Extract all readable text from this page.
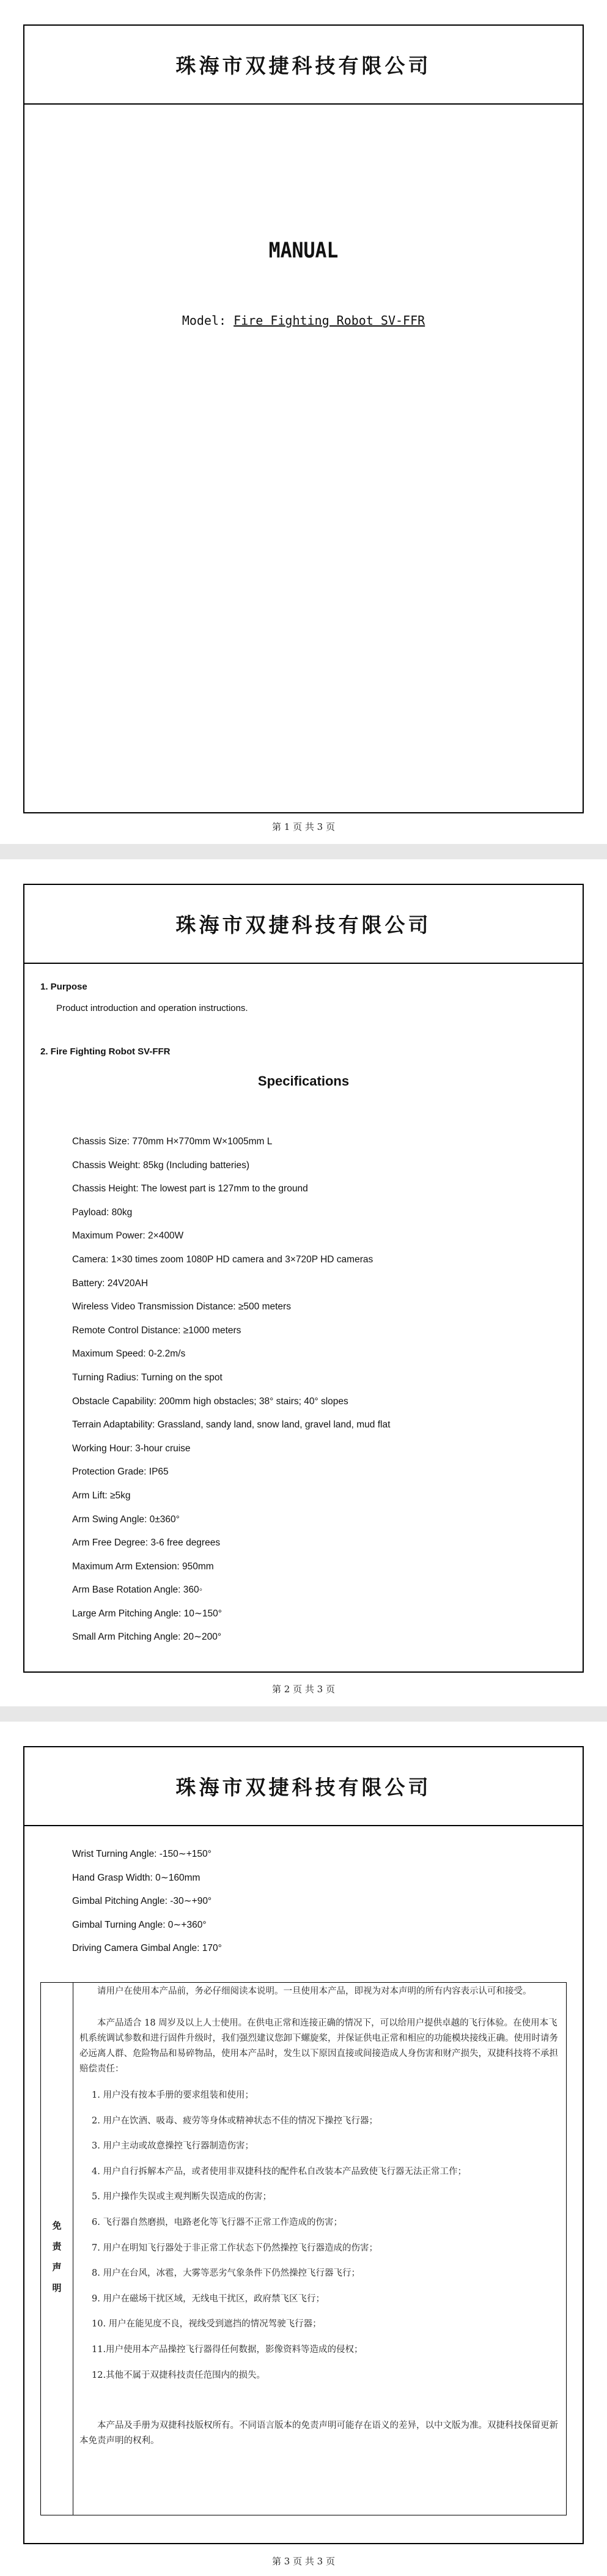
珠海市双捷科技有限公司
MANUAL
Model: Fire Fighting Robot SV-FFR
第 1 页 共 3 页
珠海市双捷科技有限公司
1. Purpose
Product introduction and operation instructions.
2. Fire Fighting Robot SV-FFR
Specifications
Chassis Size: 770mm H×770mm W×1005mm L
Chassis Weight: 85kg (Including batteries)
Chassis Height: The lowest part is 127mm to the ground
Payload: 80kg
Maximum Power: 2×400W
Camera: 1×30 times zoom 1080P HD camera and 3×720P HD cameras
Battery: 24V20AH
Wireless Video Transmission Distance: ≥500 meters
Remote Control Distance: ≥1000 meters
Maximum Speed: 0-2.2m/s
Turning Radius: Turning on the spot
Obstacle Capability: 200mm high obstacles; 38° stairs; 40° slopes
Terrain Adaptability: Grassland, sandy land, snow land, gravel land, mud flat
Working Hour: 3-hour cruise
Protection Grade: IP65
Arm Lift: ≥5kg
Arm Swing Angle: 0±360°
Arm Free Degree: 3-6 free degrees
Maximum Arm Extension: 950mm
Arm Base Rotation Angle: 360◦
Large Arm Pitching Angle: 10∼150°
Small Arm Pitching Angle: 20∼200°
第 2 页 共 3 页
珠海市双捷科技有限公司
Wrist Turning Angle: -150∼+150°
Hand Grasp Width: 0∼160mm
Gimbal Pitching Angle: -30∼+90°
Gimbal Turning Angle: 0∼+360°
Driving Camera Gimbal Angle: 170°
免
责
声
明

请用户在使用本产品前，务必仔细阅读本说明。一旦使用本产品，即视为对本声明的所有内容表示认可和接受。

本产品适合 18 周岁及以上人士使用。在供电正常和连接正确的情况下，可以给用户提供卓越的飞行体验。在使用本飞机系统调试参数和进行固件升级时，我们强烈建议您卸下螺旋桨，并保证供电正常和相应的功能模块接线正确。使用时请务必远离人群、危险物品和易碎物品，使用本产品时，发生以下原因直接或间接造成人身伤害和财产损失，双捷科技将不承担赔偿责任：

1. 用户没有按本手册的要求组装和使用；
2. 用户在饮酒、吸毒、疲劳等身体或精神状态不佳的情况下操控飞行器；
3. 用户主动或故意操控飞行器制造伤害；
4. 用户自行拆解本产品，或者使用非双捷科技的配件私自改装本产品致使飞行器无法正常工作；
5. 用户操作失误或主观判断失误造成的伤害；
6. 飞行器自然磨损，电路老化等飞行器不正常工作造成的伤害；
7. 用户在明知飞行器处于非正常工作状态下仍然操控飞行器造成的伤害；
8. 用户在台风，冰雹，大雾等恶劣气象条件下仍然操控飞行器飞行；
9. 用户在磁场干扰区域，无线电干扰区，政府禁飞区飞行；
10. 用户在能见度不良，视线受到遮挡的情况驾驶飞行器；
11.用户使用本产品操控飞行器得任何数据，影像资料等造成的侵权；
12.其他不属于双捷科技责任范围内的损失。

本产品及手册为双捷科技版权所有。不同语言版本的免责声明可能存在语义的差异，以中文版为准。双捷科技保留更新本免责声明的权利。

第 3 页 共 3 页
